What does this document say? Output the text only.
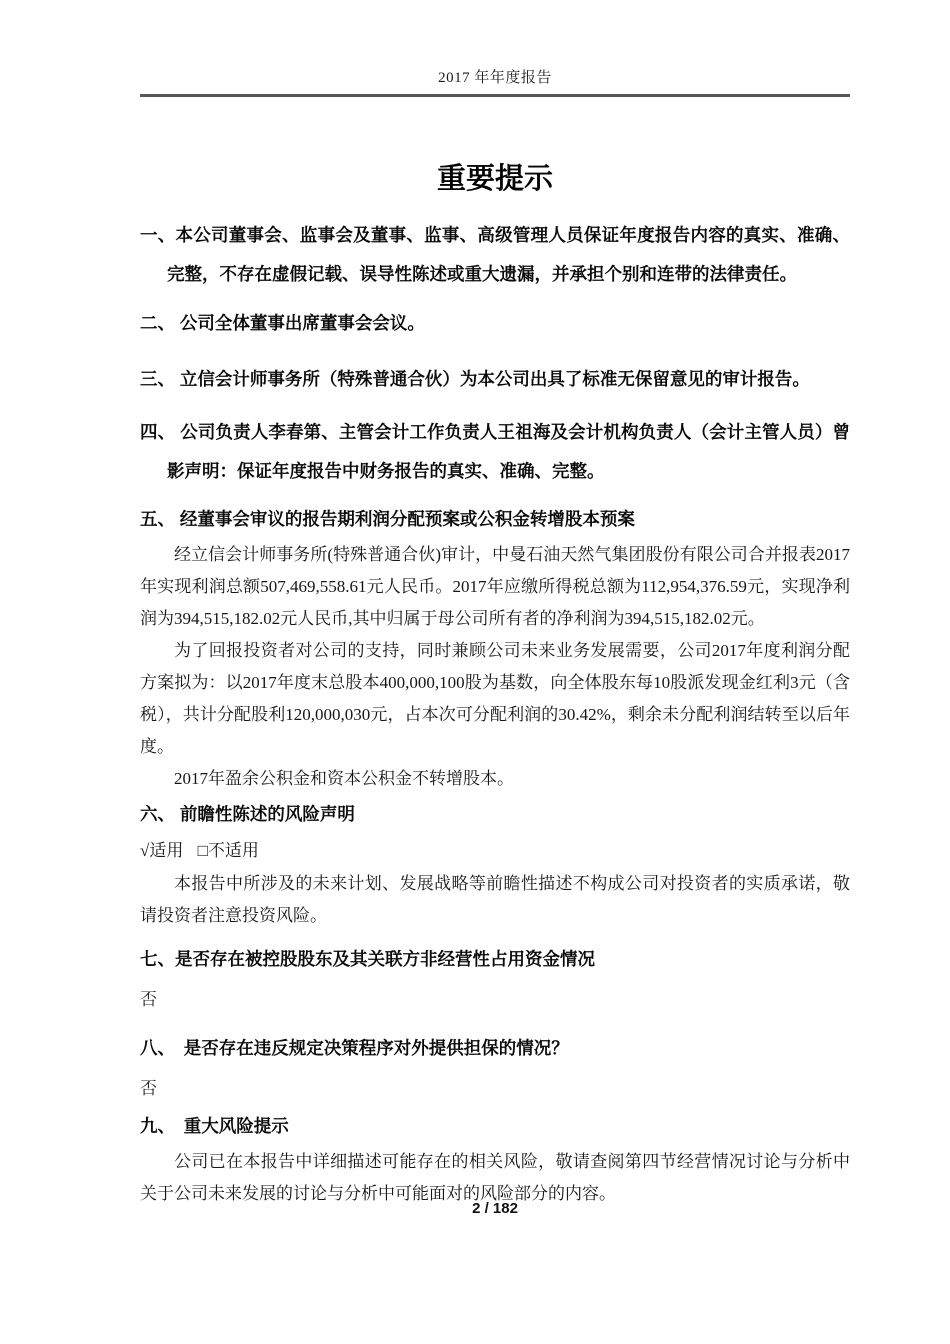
2017 年年度报告
重要提示

一、本公司董事会、监事会及董事、监事、高级管理人员保证年度报告内容的真实、准确、完整，不存在虚假记载、误导性陈述或重大遗漏，并承担个别和连带的法律责任。

二、 公司全体董事出席董事会会议。

三、 立信会计师事务所（特殊普通合伙）为本公司出具了标准无保留意见的审计报告。

四、 公司负责人李春第、主管会计工作负责人王祖海及会计机构负责人（会计主管人员）曾影声明：保证年度报告中财务报告的真实、准确、完整。

五、 经董事会审议的报告期利润分配预案或公积金转增股本预案

经立信会计师事务所(特殊普通合伙)审计，中曼石油天然气集团股份有限公司合并报表2017年实现利润总额507,469,558.61元人民币。2017年应缴所得税总额为112,954,376.59元，实现净利润为394,515,182.02元人民币,其中归属于母公司所有者的净利润为394,515,182.02元。

为了回报投资者对公司的支持，同时兼顾公司未来业务发展需要，公司2017年度利润分配方案拟为：以2017年度末总股本400,000,100股为基数，向全体股东每10股派发现金红利3元（含税），共计分配股利120,000,030元，占本次可分配利润的30.42%，剩余未分配利润结转至以后年度。

2017年盈余公积金和资本公积金不转增股本。

六、 前瞻性陈述的风险声明

√适用 □不适用

本报告中所涉及的未来计划、发展战略等前瞻性描述不构成公司对投资者的实质承诺，敬请投资者注意投资风险。

七、是否存在被控股股东及其关联方非经营性占用资金情况

否

八、　是否存在违反规定决策程序对外提供担保的情况？

否

九、　重大风险提示

公司已在本报告中详细描述可能存在的相关风险，敬请查阅第四节经营情况讨论与分析中关于公司未来发展的讨论与分析中可能面对的风险部分的内容。

2 / 182
